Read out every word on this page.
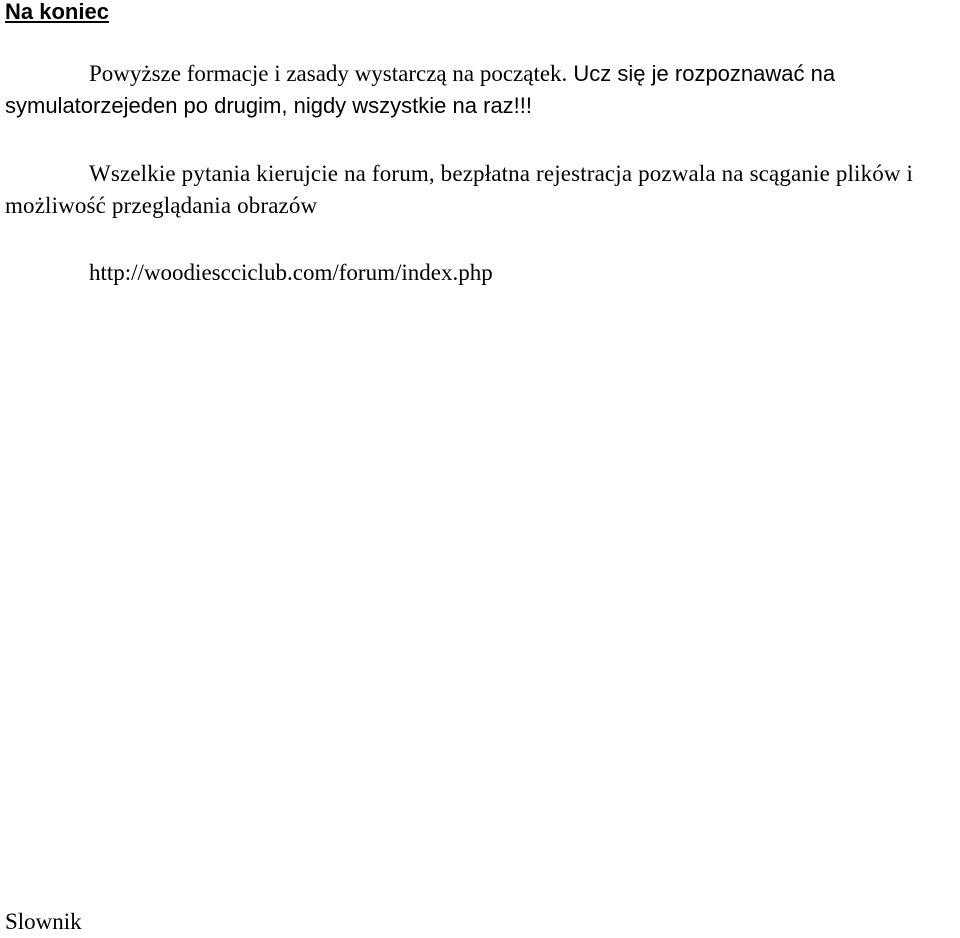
Na koniec

Powyższe formacje i zasady wystarczą na początek. Ucz się je rozpoznawać na symulatorzejeden po drugim, nigdy wszystkie na raz!!!

Wszelkie pytania kierujcie na forum, bezpłatna rejestracja pozwala na scąganie plików i możliwość przeglądania obrazów

http://woodiescciclub.com/forum/index.php

Slownik
